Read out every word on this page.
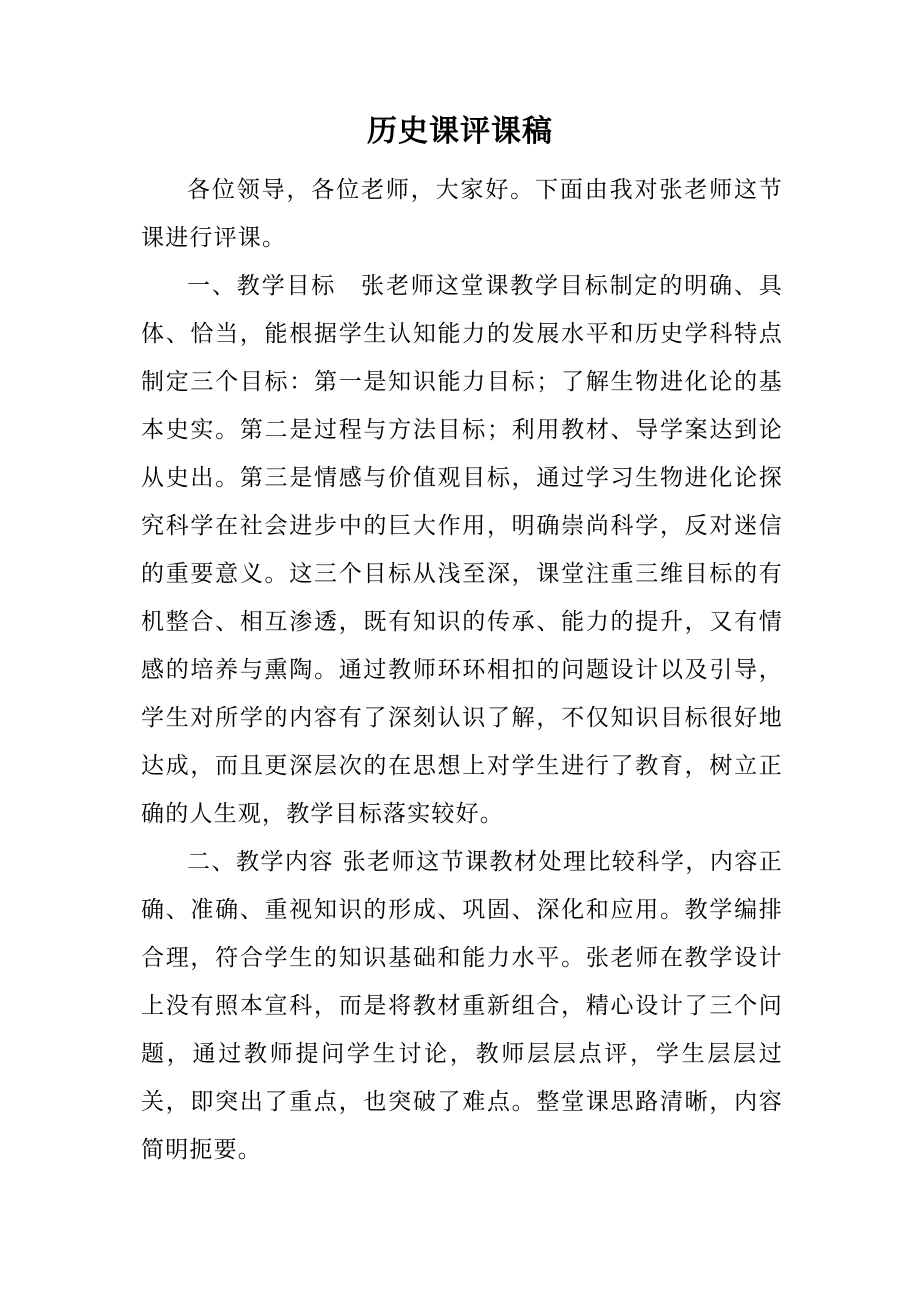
历史课评课稿

各位领导，各位老师，大家好。下面由我对张老师这节课进行评课。

一、教学目标　张老师这堂课教学目标制定的明确、具体、恰当，能根据学生认知能力的发展水平和历史学科特点制定三个目标：第一是知识能力目标；了解生物进化论的基本史实。第二是过程与方法目标；利用教材、导学案达到论从史出。第三是情感与价值观目标，通过学习生物进化论探究科学在社会进步中的巨大作用，明确崇尚科学，反对迷信的重要意义。这三个目标从浅至深，课堂注重三维目标的有机整合、相互渗透，既有知识的传承、能力的提升，又有情感的培养与熏陶。通过教师环环相扣的问题设计以及引导，学生对所学的内容有了深刻认识了解，不仅知识目标很好地达成，而且更深层次的在思想上对学生进行了教育，树立正确的人生观，教学目标落实较好。

二、教学内容 张老师这节课教材处理比较科学，内容正确、准确、重视知识的形成、巩固、深化和应用。教学编排合理，符合学生的知识基础和能力水平。张老师在教学设计上没有照本宣科，而是将教材重新组合，精心设计了三个问题，通过教师提问学生讨论，教师层层点评，学生层层过关，即突出了重点，也突破了难点。整堂课思路清晰，内容简明扼要。
